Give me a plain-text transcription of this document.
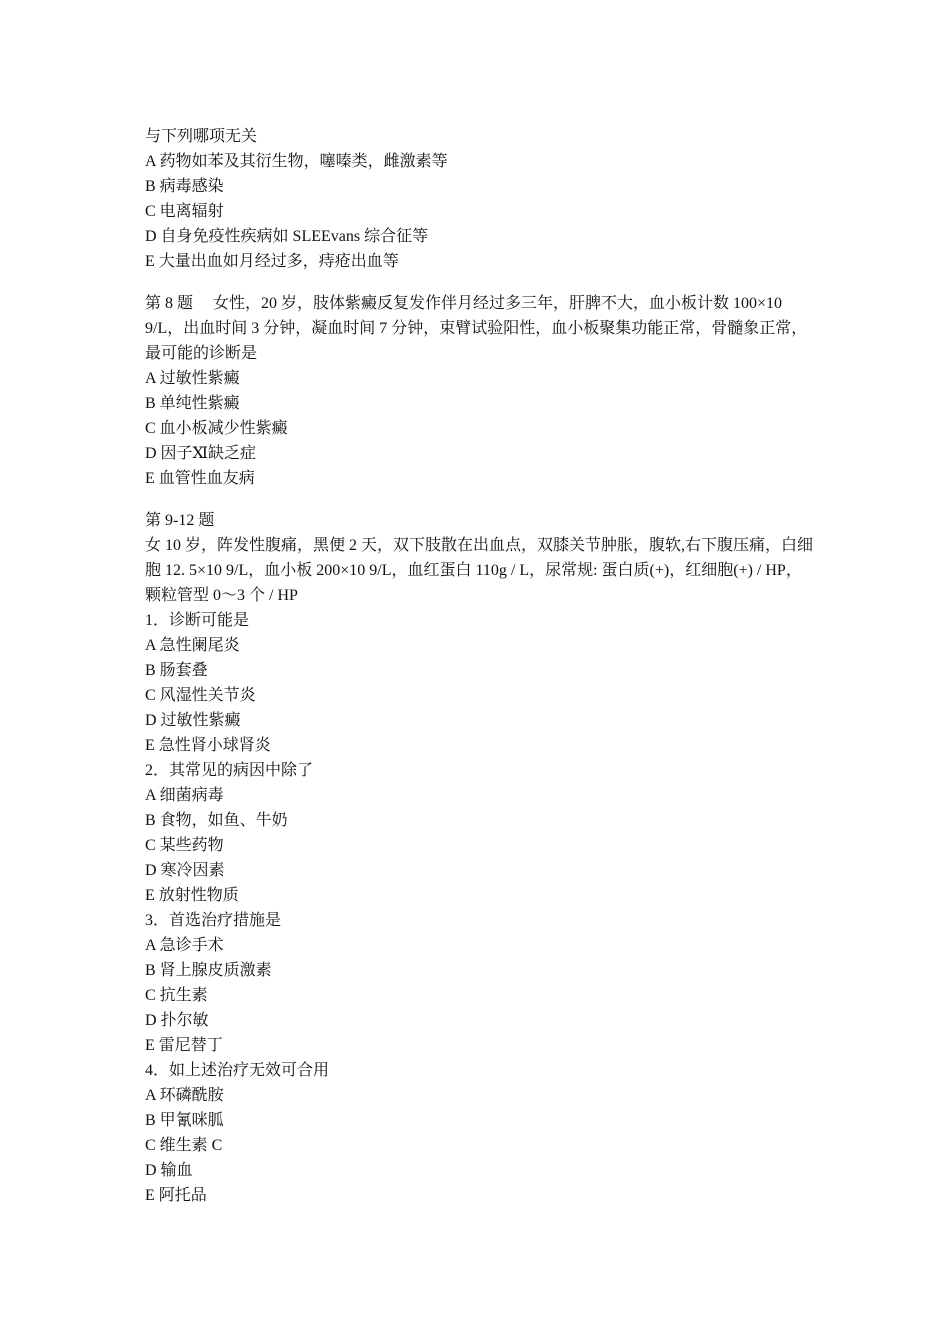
与下列哪项无关
A 药物如苯及其衍生物，噻嗪类，雌激素等
B 病毒感染
C 电离辐射
D 自身免疫性疾病如 SLEEvans 综合征等
E 大量出血如月经过多，痔疮出血等
第 8 题　 女性，20 岁，肢体紫癜反复发作伴月经过多三年，肝脾不大，血小板计数 100×10
9/L，出血时间 3 分钟，凝血时间 7 分钟，束臂试验阳性，血小板聚集功能正常，骨髓象正常，
最可能的诊断是
A 过敏性紫癜
B 单纯性紫癜
C 血小板减少性紫癜
D 因子Ⅺ缺乏症
E 血管性血友病
第 9-12 题
女 10 岁，阵发性腹痛，黑便 2 天，双下肢散在出血点，双膝关节肿胀，腹软,右下腹压痛，白细
胞 12. 5×10 9/L，血小板 200×10 9/L，血红蛋白 110g / L，尿常规: 蛋白质(+)，红细胞(+) / HP，
颗粒管型 0～3 个 / HP
1．诊断可能是
A 急性阑尾炎
B 肠套叠
C 风湿性关节炎
D 过敏性紫癜
E 急性肾小球肾炎
2．其常见的病因中除了
A 细菌病毒
B 食物，如鱼、牛奶
C 某些药物
D 寒冷因素
E 放射性物质
3．首选治疗措施是
A 急诊手术
B 肾上腺皮质激素
C 抗生素
D 扑尔敏
E 雷尼替丁
4．如上述治疗无效可合用
A 环磷酰胺
B 甲氰咪胍
C 维生素 C
D 输血
E 阿托品
